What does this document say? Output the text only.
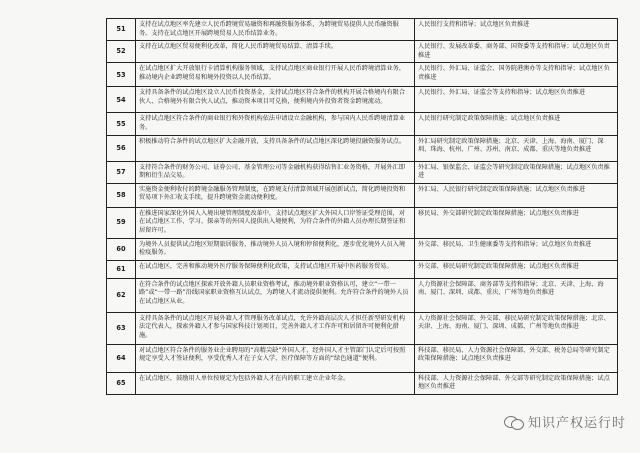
51	支持在试点地区率先建立人民币跨境贸易融资和再融资服务体系，为跨境贸易提供人民币融资服务。支持在试点地区开展跨境贸易人民币结算业务。	人民银行支持和指导；试点地区负责推进
52	支持在试点地区贸易便利化改革，简化人民币跨境贸易结算、清算手续。	人民银行、发展改革委、商务部、国资委等支持和指导；试点地区负责推进
53	在试点地区扩大开放银行卡清算机构服务领域，支持试点地区商业银行开展人民币跨境清算业务，推动境内企业跨境贸易和境外投资以人民币结算。	人民银行、外汇局、证监会、国务院港澳办等支持和指导；试点地区负责推进
54	支持具备条件的试点地区设立人民币投资基金，支持试点地区符合条件的机构开展合格境内有限合伙人、合格境外有限合伙人试点，推动资本项目可兑换，便利境内外投资者资金跨境流动。	人民银行、外汇局、证监会等支持和指导；试点地区负责推进
55	支持试点地区符合条件的商业银行和外资机构依法申请设立金融机构，参与国内人民币跨境清算业务。	人民银行研究制定政策保障措施；试点地区负责推进
56	积极推动符合条件的试点地区扩大金融开放，支持具备条件的试点地区深化跨境投融资服务试点。	外汇局研究制定政策保障措施；北京、天津、上海、海南、厦门、深圳、珠海、杭州、广州、苏州、南京、成都、重庆等地负责推进
57	支持符合条件的财务公司、证券公司、基金管理公司等金融机构获得结售汇业务资格，开展外汇即期和衍生品交易。	外汇局、银保监会、证监会等研究制定政策保障措施；试点地区负责推进
58	实施资金便利收付的跨境金融服务管理制度，在跨境支付清算领域开展创新试点，简化跨境投资和贸易项下外汇收支手续，提升跨境资金流动便利度。	外汇局、人民银行研究制定政策保障措施；试点地区负责推进
59	在推进国家深化外国人入境出境管理制度改革中，支持试点地区扩大外国人口岸签证受理范围，对在试点地区工作、学习、探亲等的外国人提供出入境便利，为符合条件的外籍人员办理长期签证和居留许可。	移民局、外交部研究制定政策保障措施；试点地区负责推进
60	为境外人员提供试点地区短期旅居服务，推动境外人员入境和停留便利化，逐步优化境外人员入境检疫服务。	外交部、移民局、卫生健康委等支持和指导；试点地区负责推进
61	在试点地区，完善和推动境外医疗服务保障便利化政策，支持试点地区开展中医药服务贸易。	外交部、移民局研究制定政策保障措施；试点地区负责推进
62	在符合条件的试点地区探索开放外籍人员职业资格考试，推动境外职业资格认可，建立“一带一路”或“一带一路”沿线国家职业资格互认试点，为跨境人才流动提供便利。允许符合条件的境外人员在试点地区从业。	人力资源社会保障部、商务部等支持和指导；北京、天津、上海、海南、厦门、深圳、成都、重庆、广州等地负责推进
63	支持具备条件的试点地区开展外籍人才管理服务改革试点，允许外籍高层次人才担任新型研发机构法定代表人，探索外籍人才参与国家科技计划项目，完善外籍人才工作许可和居留许可便利化措施。	人力资源社会保障部、外交部、移民局研究制定政策保障措施；北京、天津、上海、海南、厦门、深圳、成都、广州等地负责推进
64	对试点地区符合条件的服务业企业聘用的“高精尖缺”外国人才，经外国人才主管部门认定后可按照规定享受人才签证便利，享受优秀人才在子女入学、医疗保障等方面的“绿色通道”便利。	科技部、移民局、人力资源社会保障部、外交部、税务总局等研究制定政策保障措施；试点地区负责推进
65	在试点地区，鼓励用人单位按规定为包括外籍人才在内的职工建立企业年金。	科技部、人力资源社会保障部、外交部等研究制定政策保障措施；试点地区负责推进
知识产权运行时
